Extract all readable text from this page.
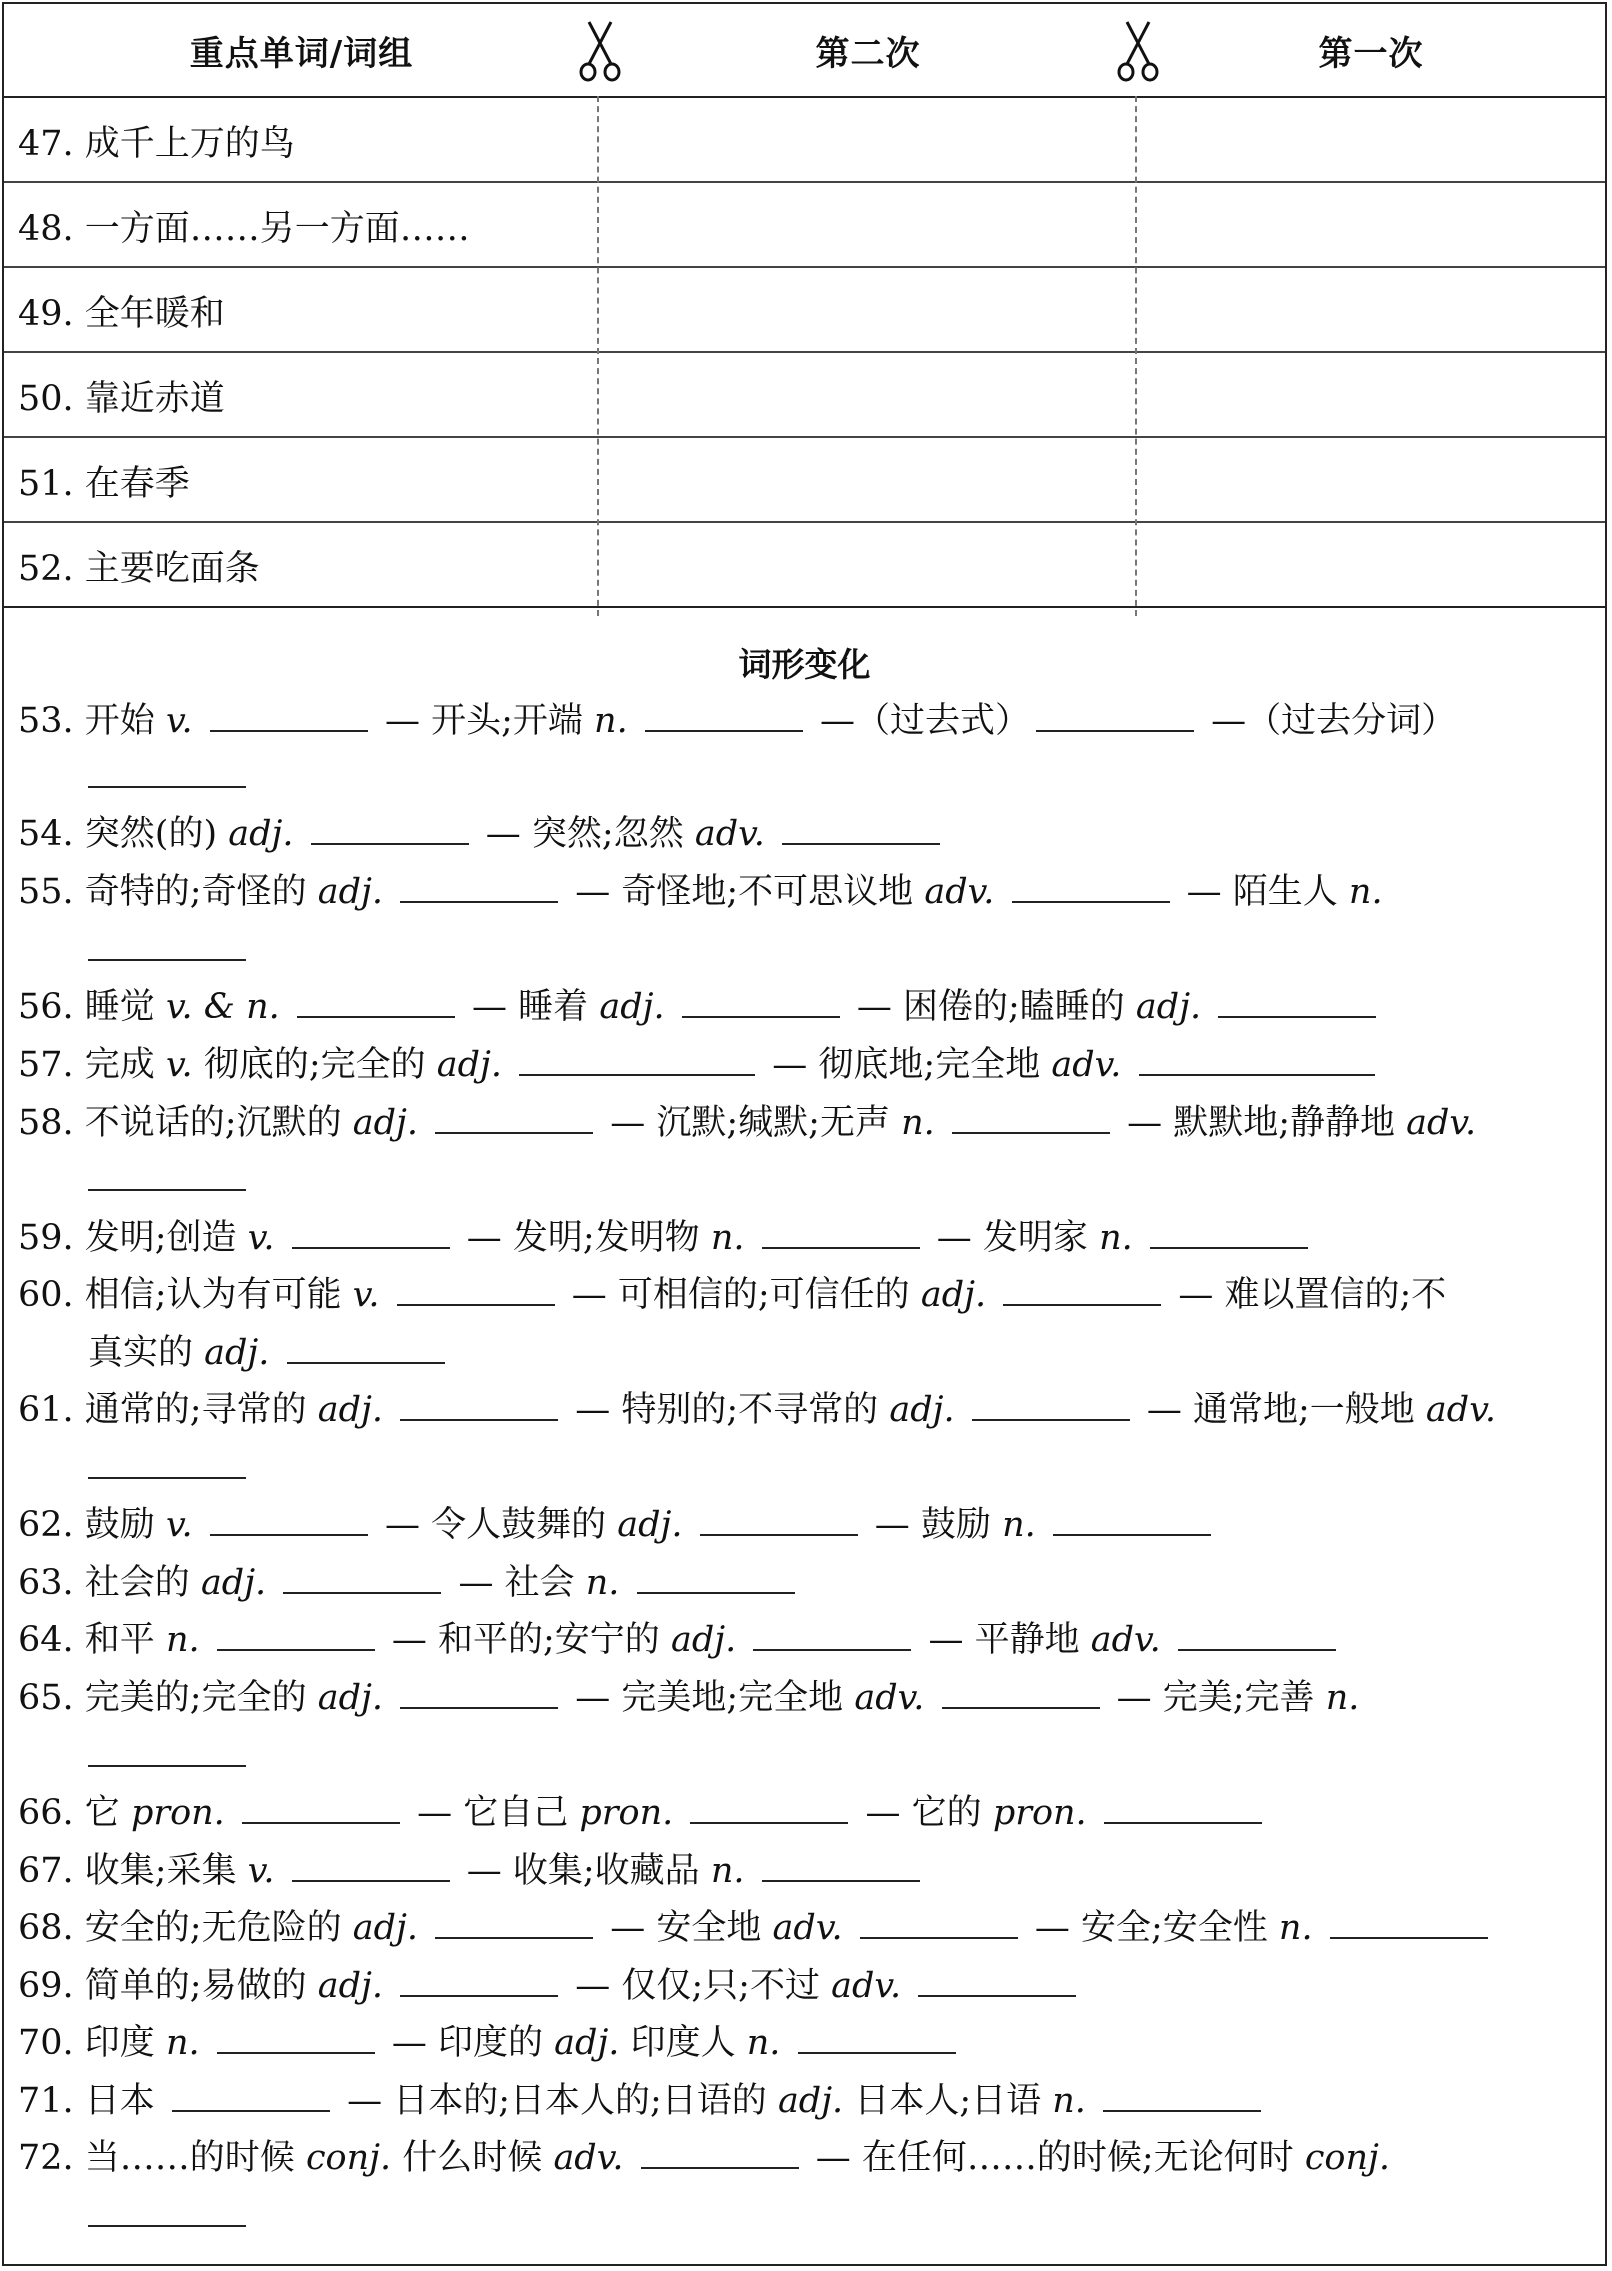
重点单词/词组	第二次	第一次
47. 成千上万的鸟
48. 一方面……另一方面……
49. 全年暖和
50. 靠近赤道
51. 在春季
52. 主要吃面条
词形变化
53. 开始 v.	— 开头;开端 n.	—（过去式）	—（过去分词）
54. 突然(的) adj.	— 突然;忽然 adv.
55. 奇特的;奇怪的 adj.	— 奇怪地;不可思议地 adv.	— 陌生人 n.
56. 睡觉 v. & n.	— 睡着 adj.	— 困倦的;瞌睡的 adj.
57. 完成 v. 彻底的;完全的 adj.	— 彻底地;完全地 adv.
58. 不说话的;沉默的 adj.	— 沉默;缄默;无声 n.	— 默默地;静静地 adv.
59. 发明;创造 v.	— 发明;发明物 n.	— 发明家 n.
60. 相信;认为有可能 v.	— 可相信的;可信任的 adj.	— 难以置信的;不
真实的 adj.
61. 通常的;寻常的 adj.	— 特别的;不寻常的 adj.	— 通常地;一般地 adv.
62. 鼓励 v.	— 令人鼓舞的 adj.	— 鼓励 n.
63. 社会的 adj.	— 社会 n.
64. 和平 n.	— 和平的;安宁的 adj.	— 平静地 adv.
65. 完美的;完全的 adj.	— 完美地;完全地 adv.	— 完美;完善 n.
66. 它 pron.	— 它自己 pron.	— 它的 pron.
67. 收集;采集 v.	— 收集;收藏品 n.
68. 安全的;无危险的 adj.	— 安全地 adv.	— 安全;安全性 n.
69. 简单的;易做的 adj.	— 仅仅;只;不过 adv.
70. 印度 n.	— 印度的 adj. 印度人 n.
71. 日本	— 日本的;日本人的;日语的 adj. 日本人;日语 n.
72. 当……的时候 conj. 什么时候 adv.	— 在任何……的时候;无论何时 conj.
